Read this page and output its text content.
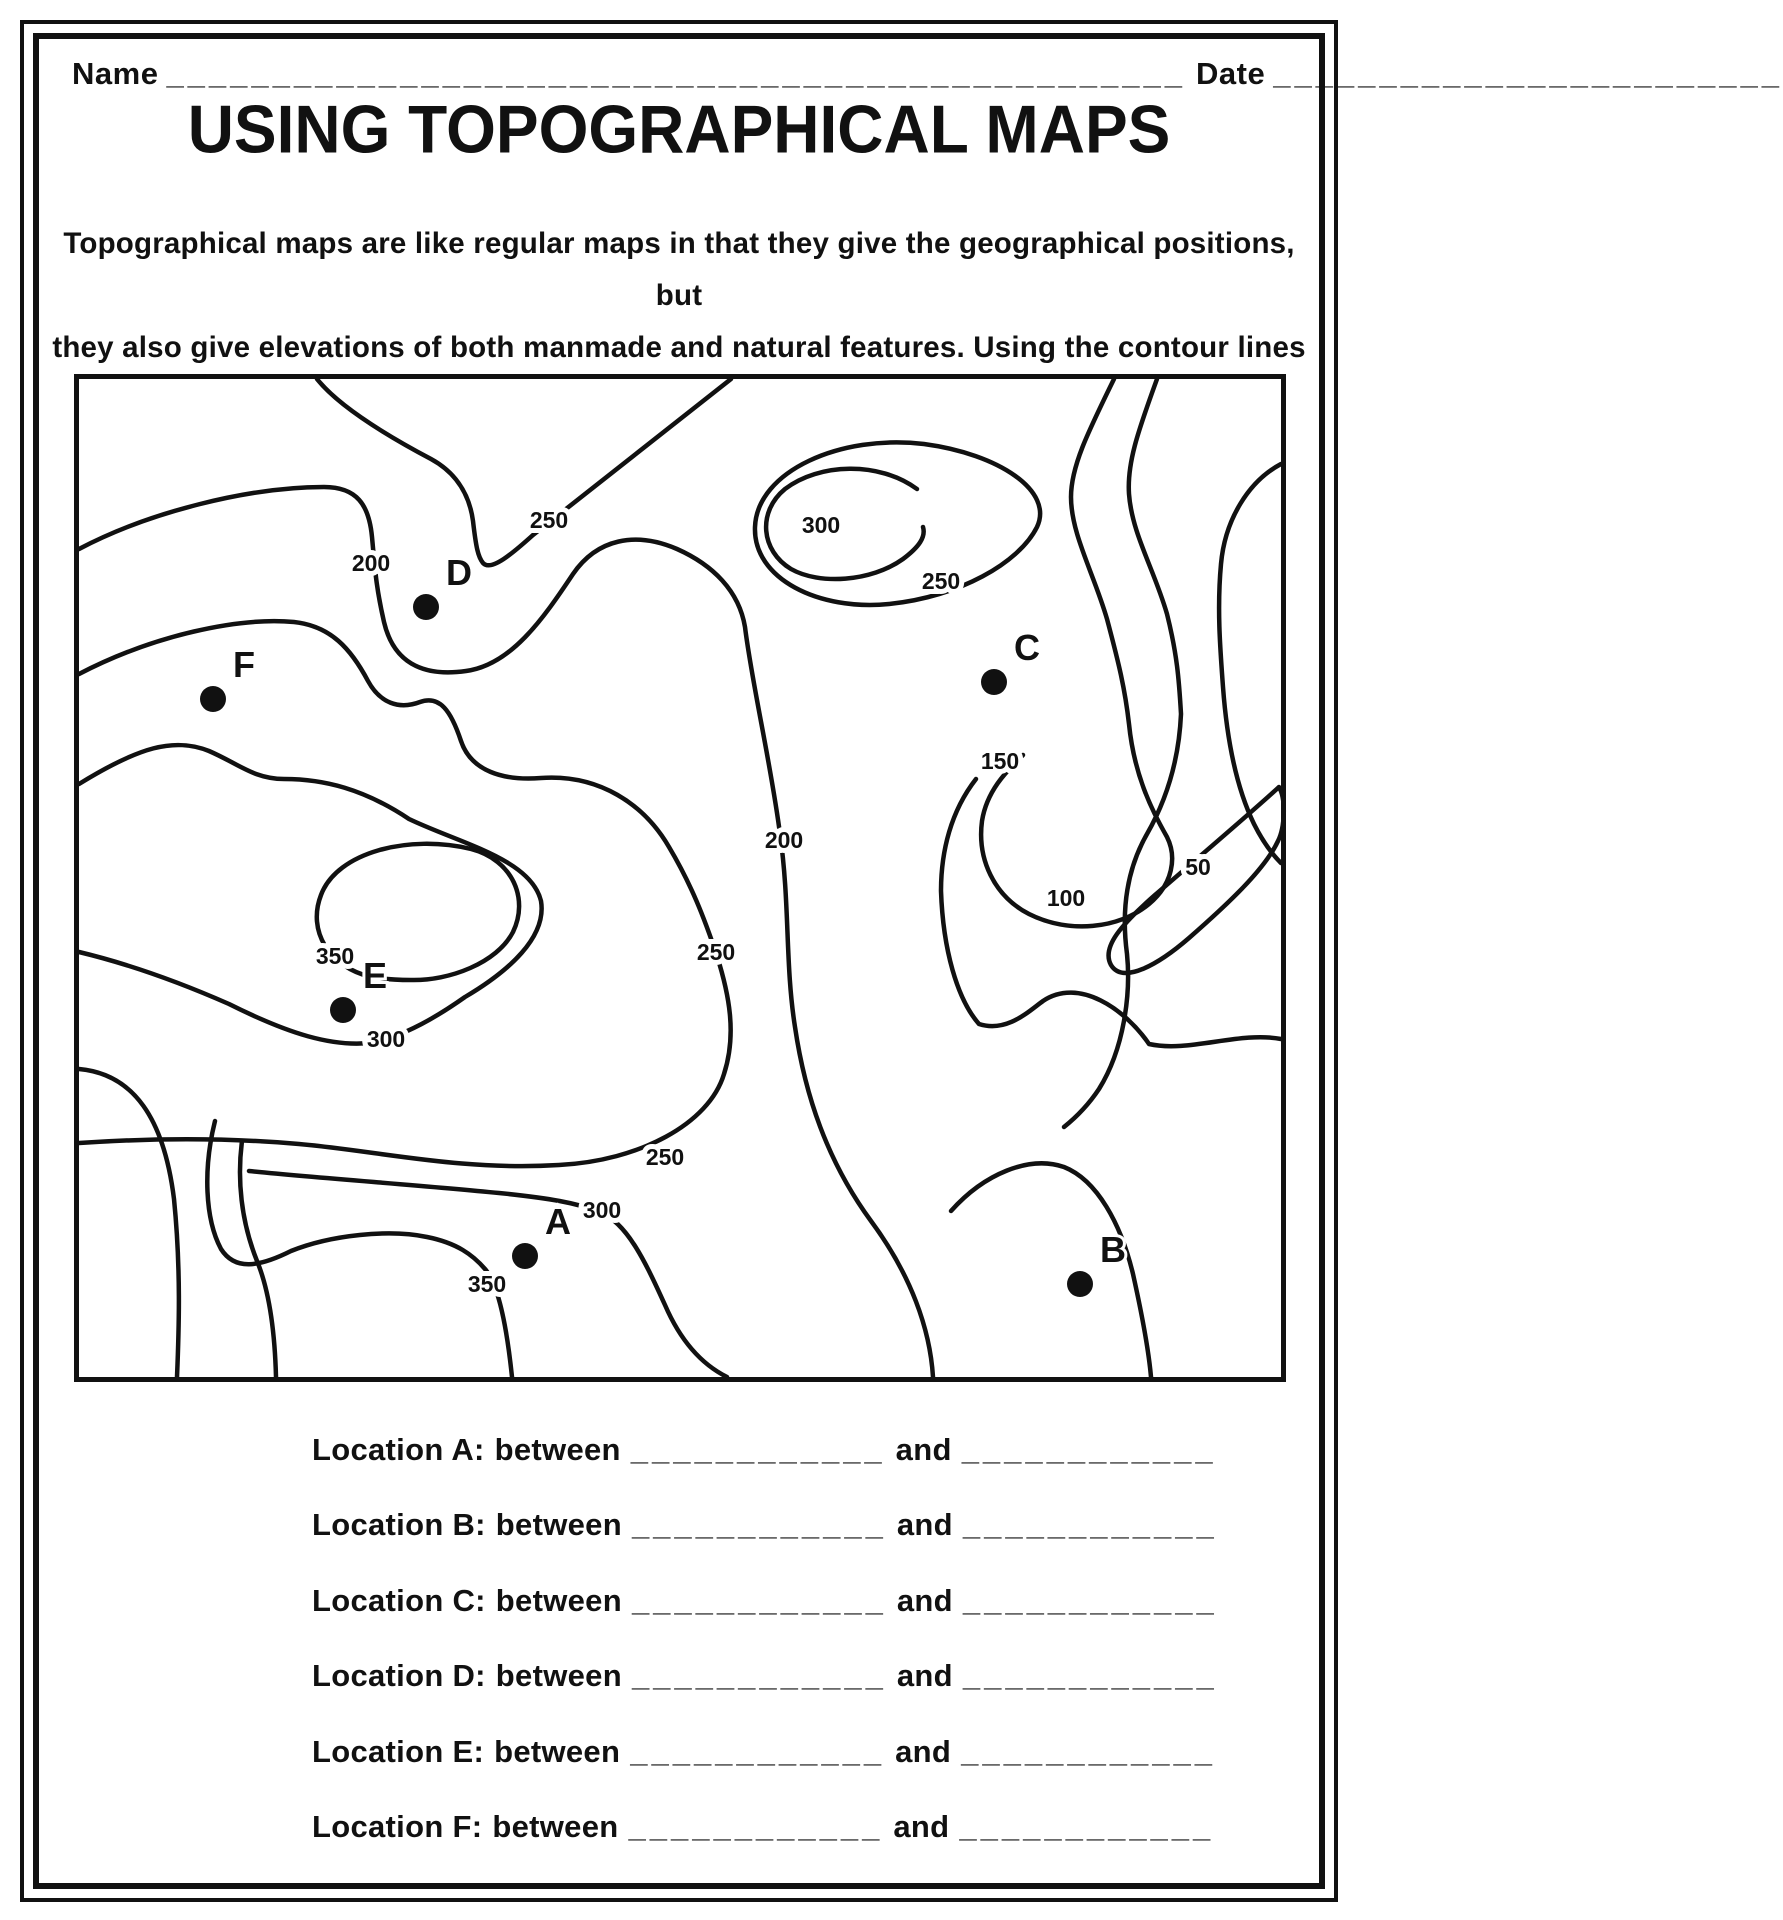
Name ________________________________________________ Date ________________________
USING TOPOGRAPHICAL MAPS
Topographical maps are like regular maps in that they give the geographical positions, but
they also give elevations of both manmade and natural features. Using the contour lines
250
200
300
250
150
200
50
100
350	250
300
250
300
350
D
F	C
E
A
B
Location A: between ____________ and ____________
Location B: between ____________ and ____________
Location C: between ____________ and ____________
Location D: between ____________ and ____________
Location E: between ____________ and ____________
Location F: between ____________ and ____________
